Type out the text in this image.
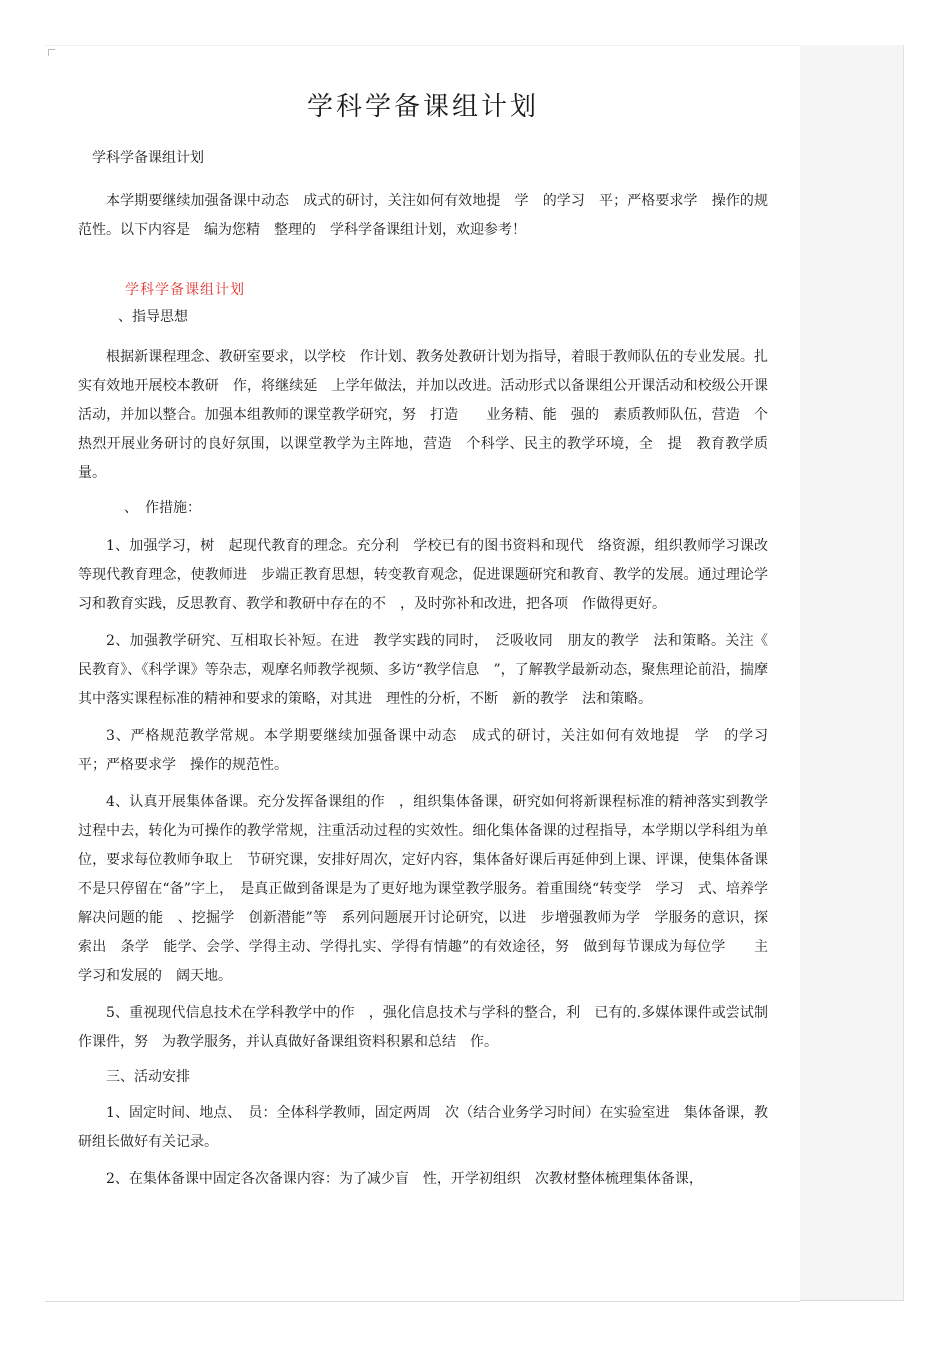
学科学备课组计划

学科学备课组计划

本学期要继续加强备课中动态　成式的研讨，关注如何有效地提　学　的学习　平；严格要求学　操作的规范性。以下内容是　编为您精　整理的　学科学备课组计划，欢迎参考！

学科学备课组计划

、指导思想

根据新课程理念、教研室要求，以学校　作计划、教务处教研计划为指导，着眼于教师队伍的专业发展。扎实有效地开展校本教研　作，将继续延　上学年做法，并加以改进。活动形式以备课组公开课活动和校级公开课活动，并加以整合。加强本组教师的课堂教学研究，努　打造　　业务精、能　强的　素质教师队伍，营造　个热烈开展业务研讨的良好氛围，以课堂教学为主阵地，营造　个科学、民主的教学环境，全　提　教育教学质量。

、　作措施：

1、加强学习，树　起现代教育的理念。充分利　学校已有的图书资料和现代　络资源，组织教师学习课改等现代教育理念，使教师进　步端正教育思想，转变教育观念，促进课题研究和教育、教学的发展。通过理论学习和教育实践，反思教育、教学和教研中存在的不　，及时弥补和改进，把各项　作做得更好。

2、加强教学研究、互相取长补短。在进　教学实践的同时，　泛吸收同　朋友的教学　法和策略。关注《　民教育》、《科学课》等杂志，观摩名师教学视频、多访“教学信息　”，了解教学最新动态，聚焦理论前沿，揣摩其中落实课程标准的精神和要求的策略，对其进　理性的分析，不断　新的教学　法和策略。

3、严格规范教学常规。本学期要继续加强备课中动态　成式的研讨，关注如何有效地提　学　的学习　平；严格要求学　操作的规范性。

4、认真开展集体备课。充分发挥备课组的作　，组织集体备课，研究如何将新课程标准的精神落实到教学过程中去，转化为可操作的教学常规，注重活动过程的实效性。细化集体备课的过程指导，本学期以学科组为单位，要求每位教师争取上　节研究课，安排好周次，定好内容，集体备好课后再延伸到上课、评课，使集体备课不是只停留在“备”字上，　是真正做到备课是为了更好地为课堂教学服务。着重围绕“转变学　学习　式、培养学　解决问题的能　、挖掘学　创新潜能”等　系列问题展开讨论研究，以进　步增强教师为学　学服务的意识，探索出　条学　能学、会学、学得主动、学得扎实、学得有情趣”的有效途径，努　做到每节课成为每位学　　主学习和发展的　阔天地。

5、重视现代信息技术在学科教学中的作　，强化信息技术与学科的整合，利　已有的.多媒体课件或尝试制作课件，努　为教学服务，并认真做好备课组资料积累和总结　作。

三、活动安排

1、固定时间、地点、　员：全体科学教师，固定两周　次（结合业务学习时间）在实验室进　集体备课，教研组长做好有关记录。

2、在集体备课中固定各次备课内容：为了减少盲　性，开学初组织　次教材整体梳理集体备课，
